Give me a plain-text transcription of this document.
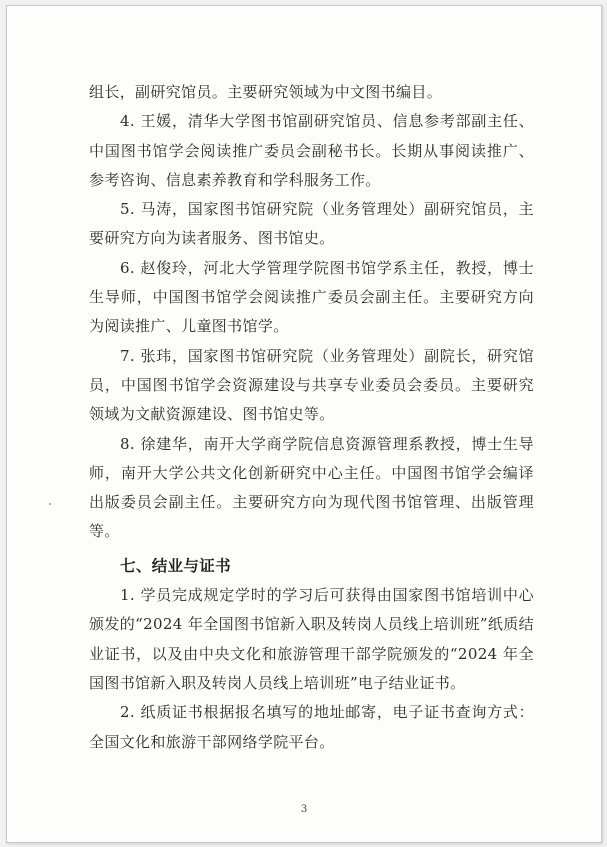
组长，副研究馆员。主要研究领域为中文图书编目。

4. 王媛，清华大学图书馆副研究馆员、信息参考部副主任、中国图书馆学会阅读推广委员会副秘书长。长期从事阅读推广、参考咨询、信息素养教育和学科服务工作。

5. 马涛，国家图书馆研究院（业务管理处）副研究馆员，主要研究方向为读者服务、图书馆史。

6. 赵俊玲，河北大学管理学院图书馆学系主任，教授，博士生导师，中国图书馆学会阅读推广委员会副主任。主要研究方向为阅读推广、儿童图书馆学。

7. 张玮，国家图书馆研究院（业务管理处）副院长，研究馆员，中国图书馆学会资源建设与共享专业委员会委员。主要研究领域为文献资源建设、图书馆史等。

8. 徐建华，南开大学商学院信息资源管理系教授，博士生导师，南开大学公共文化创新研究中心主任。中国图书馆学会编译出版委员会副主任。主要研究方向为现代图书馆管理、出版管理等。

七、结业与证书

1. 学员完成规定学时的学习后可获得由国家图书馆培训中心颁发的“2024 年全国图书馆新入职及转岗人员线上培训班”纸质结业证书，以及由中央文化和旅游管理干部学院颁发的“2024 年全国图书馆新入职及转岗人员线上培训班”电子结业证书。

2. 纸质证书根据报名填写的地址邮寄，电子证书查询方式：全国文化和旅游干部网络学院平台。

3
